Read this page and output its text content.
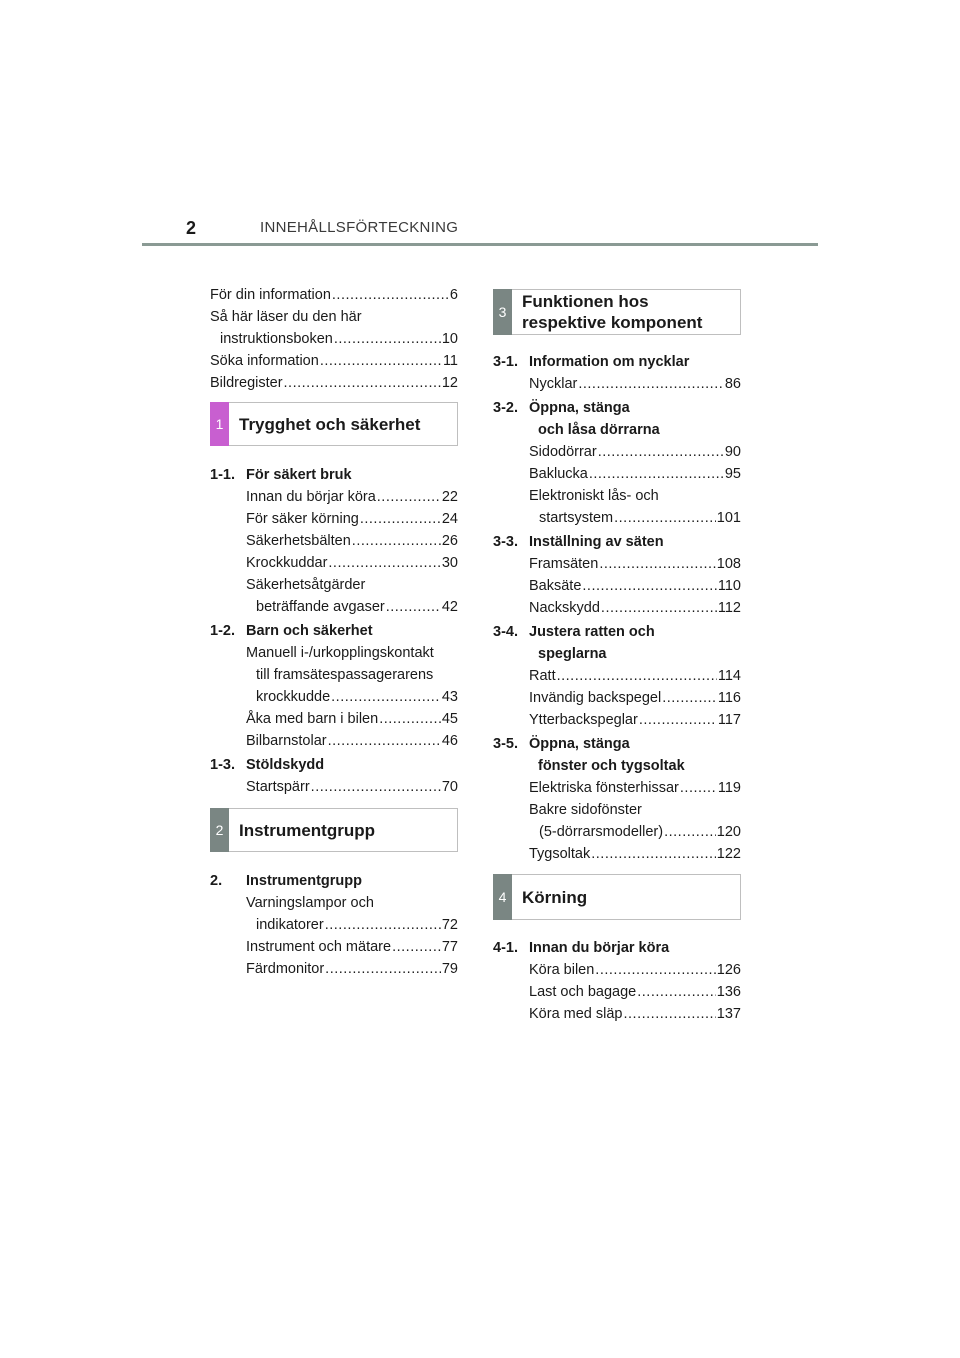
2	INNEHÅLLSFÖRTECKNING
För din information .....	6
Så här läser du den här
instruktionsboken .....	10
Söka information .....	11
Bildregister .....	12
1 Trygghet och säkerhet
1-1. För säkert bruk
Innan du börjar köra .....	22
För säker körning .....	24
Säkerhetsbälten .....	26
Krockkuddar .....	30
Säkerhetsåtgärder
beträffande avgaser .....	42
1-2. Barn och säkerhet
Manuell i-/urkopplingskontakt
till framsätespassagerarens
krockkudde .....	43
Åka med barn i bilen .....	45
Bilbarnstolar .....	46
1-3. Stöldskydd
Startspärr .....	70
2 Instrumentgrupp
2.	Instrumentgrupp
Varningslampor och
indikatorer .....	72
Instrument och mätare .....	77
Färdmonitor .....	79
3
Funktionen hos
respektive komponent
3-1. Information om nycklar
Nycklar .....	86
3-2. Öppna, stänga
och låsa dörrarna
Sidodörrar .....	90
Baklucka .....	95
Elektroniskt lås- och
startsystem .....	101
3-3. Inställning av säten
Framsäten .....	108
Baksäte .....	110
Nackskydd .....	112
3-4. Justera ratten och
speglarna
Ratt .....	114
Invändig backspegel .....	116
Ytterbackspeglar .....	117
3-5. Öppna, stänga
fönster och tygsoltak
Elektriska fönsterhissar .....	119
Bakre sidofönster
(5-dörrarsmodeller) .....	120
Tygsoltak .....	122
4 Körning
4-1. Innan du börjar köra
Köra bilen .....	126
Last och bagage .....	136
Köra med släp .....	137
